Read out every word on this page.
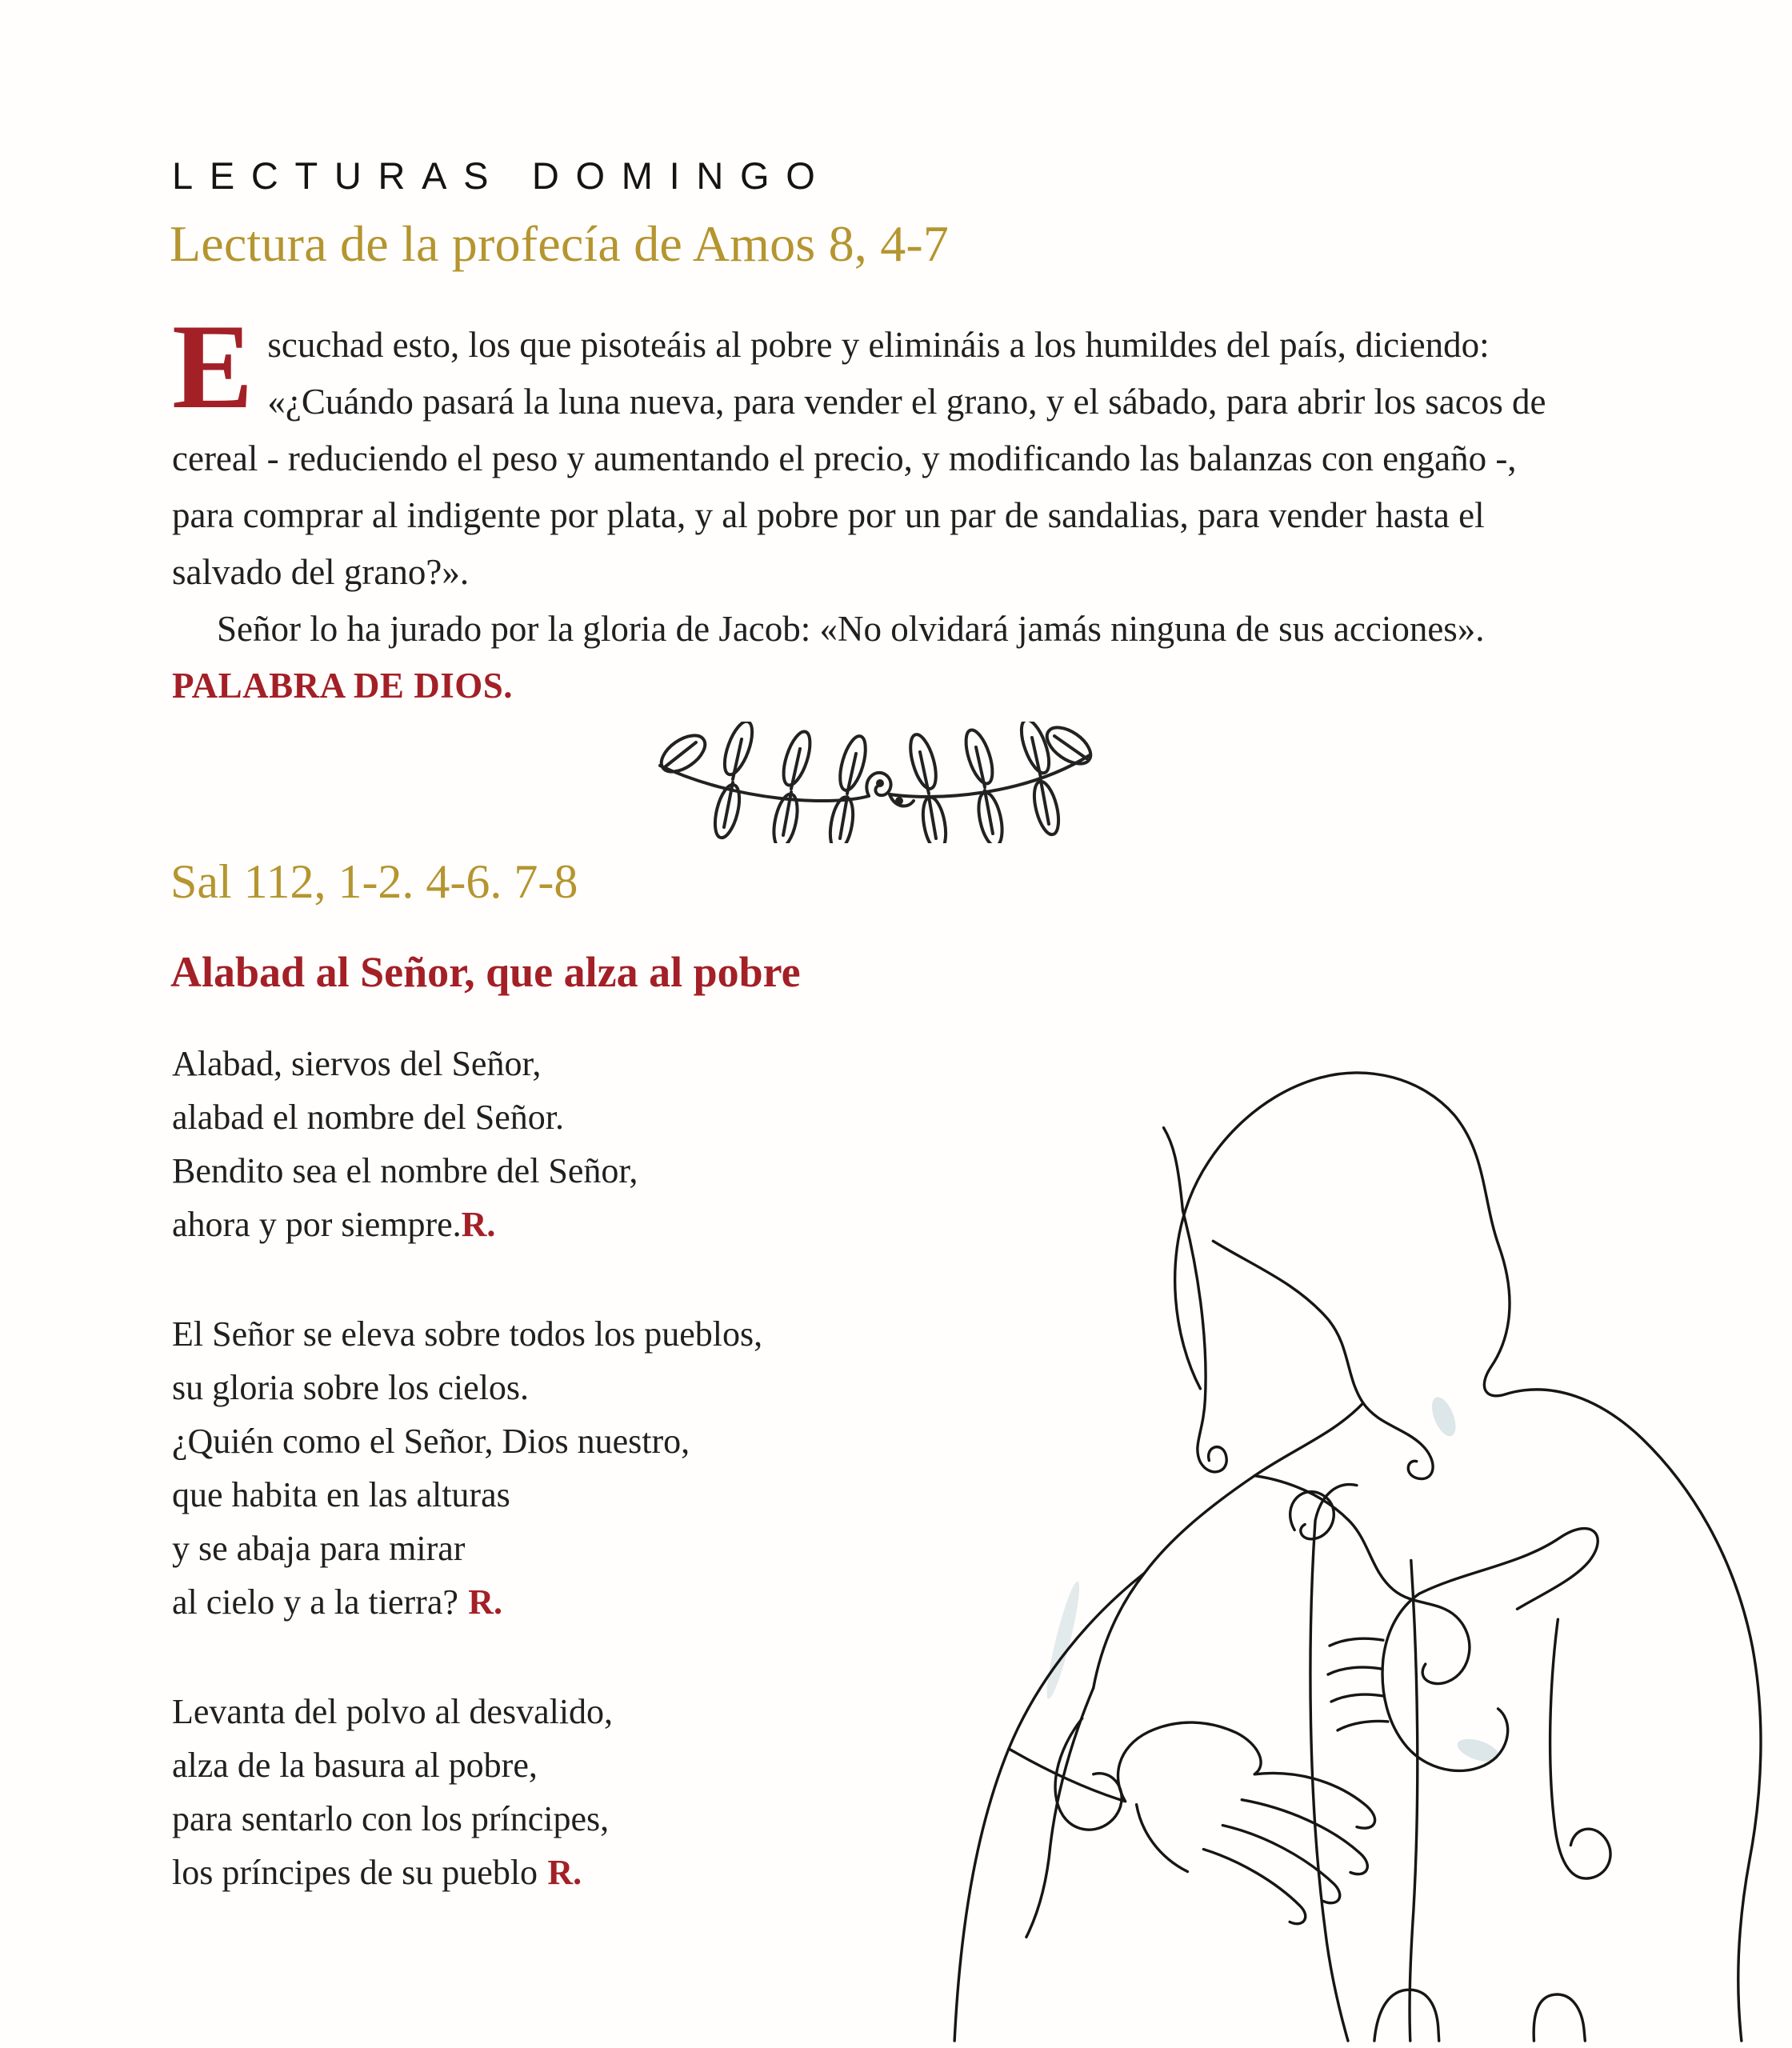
LECTURAS DOMINGO
Lectura de la profecía de Amos 8, 4-7

Escuchad esto, los que pisoteáis al pobre y elimináis a los humildes del país, diciendo: «¿Cuándo pasará la luna nueva, para vender el grano, y el sábado, para abrir los sacos de cereal - reduciendo el peso y aumentando el precio, y modificando las balanzas con engaño -, para comprar al indigente por plata, y al pobre por un par de sandalias, para vender hasta el salvado del grano?».

Señor lo ha jurado por la gloria de Jacob: «No olvidará jamás ninguna de sus acciones». PALABRA DE DIOS.

Sal 112, 1-2. 4-6. 7-8
Alabad al Señor, que alza al pobre
Alabad, siervos del Señor,
alabad el nombre del Señor.
Bendito sea el nombre del Señor,
ahora y por siempre.R.
El Señor se eleva sobre todos los pueblos,
su gloria sobre los cielos.
¿Quién como el Señor, Dios nuestro,
que habita en las alturas
y se abaja para mirar
al cielo y a la tierra? R.
Levanta del polvo al desvalido,
alza de la basura al pobre,
para sentarlo con los príncipes,
los príncipes de su pueblo R.
